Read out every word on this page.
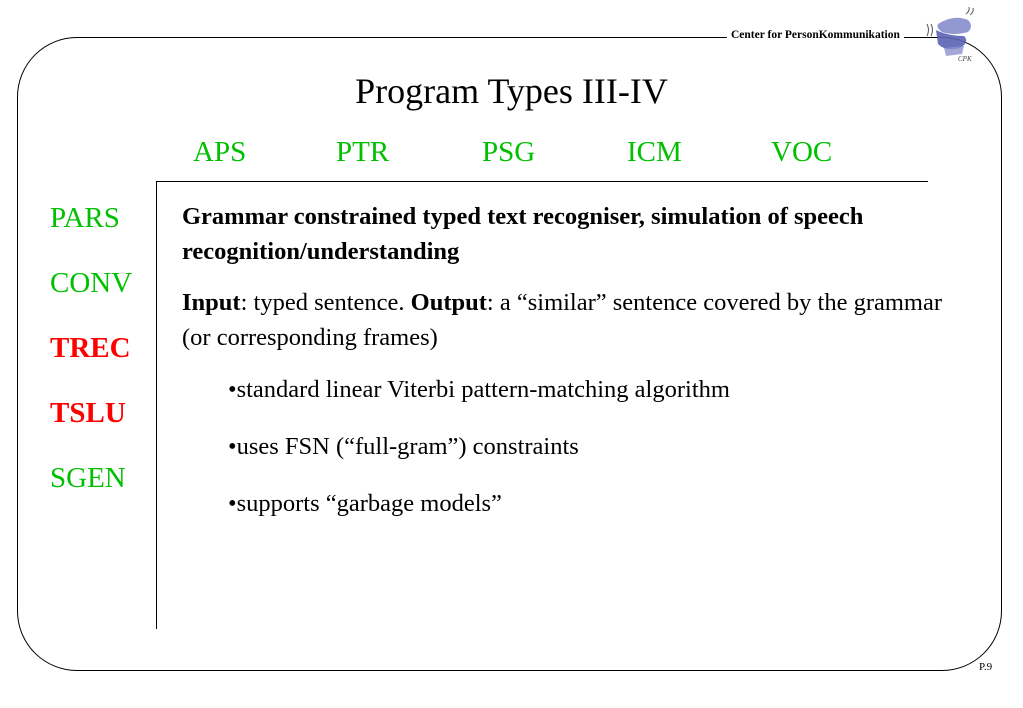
Center for PersonKommunikation
CPK
Program Types III-IV
APS	PTR	PSG	ICM	VOC
PARS
CONV
TREC
TSLU
SGEN

Grammar constrained typed text recogniser, simulation of speech recognition/understanding

Input: typed sentence. Output: a “similar” sentence covered by the grammar (or corresponding frames)

•standard linear Viterbi pattern-matching algorithm

•uses FSN (“full-gram”) constraints

•supports “garbage models”

P.9
